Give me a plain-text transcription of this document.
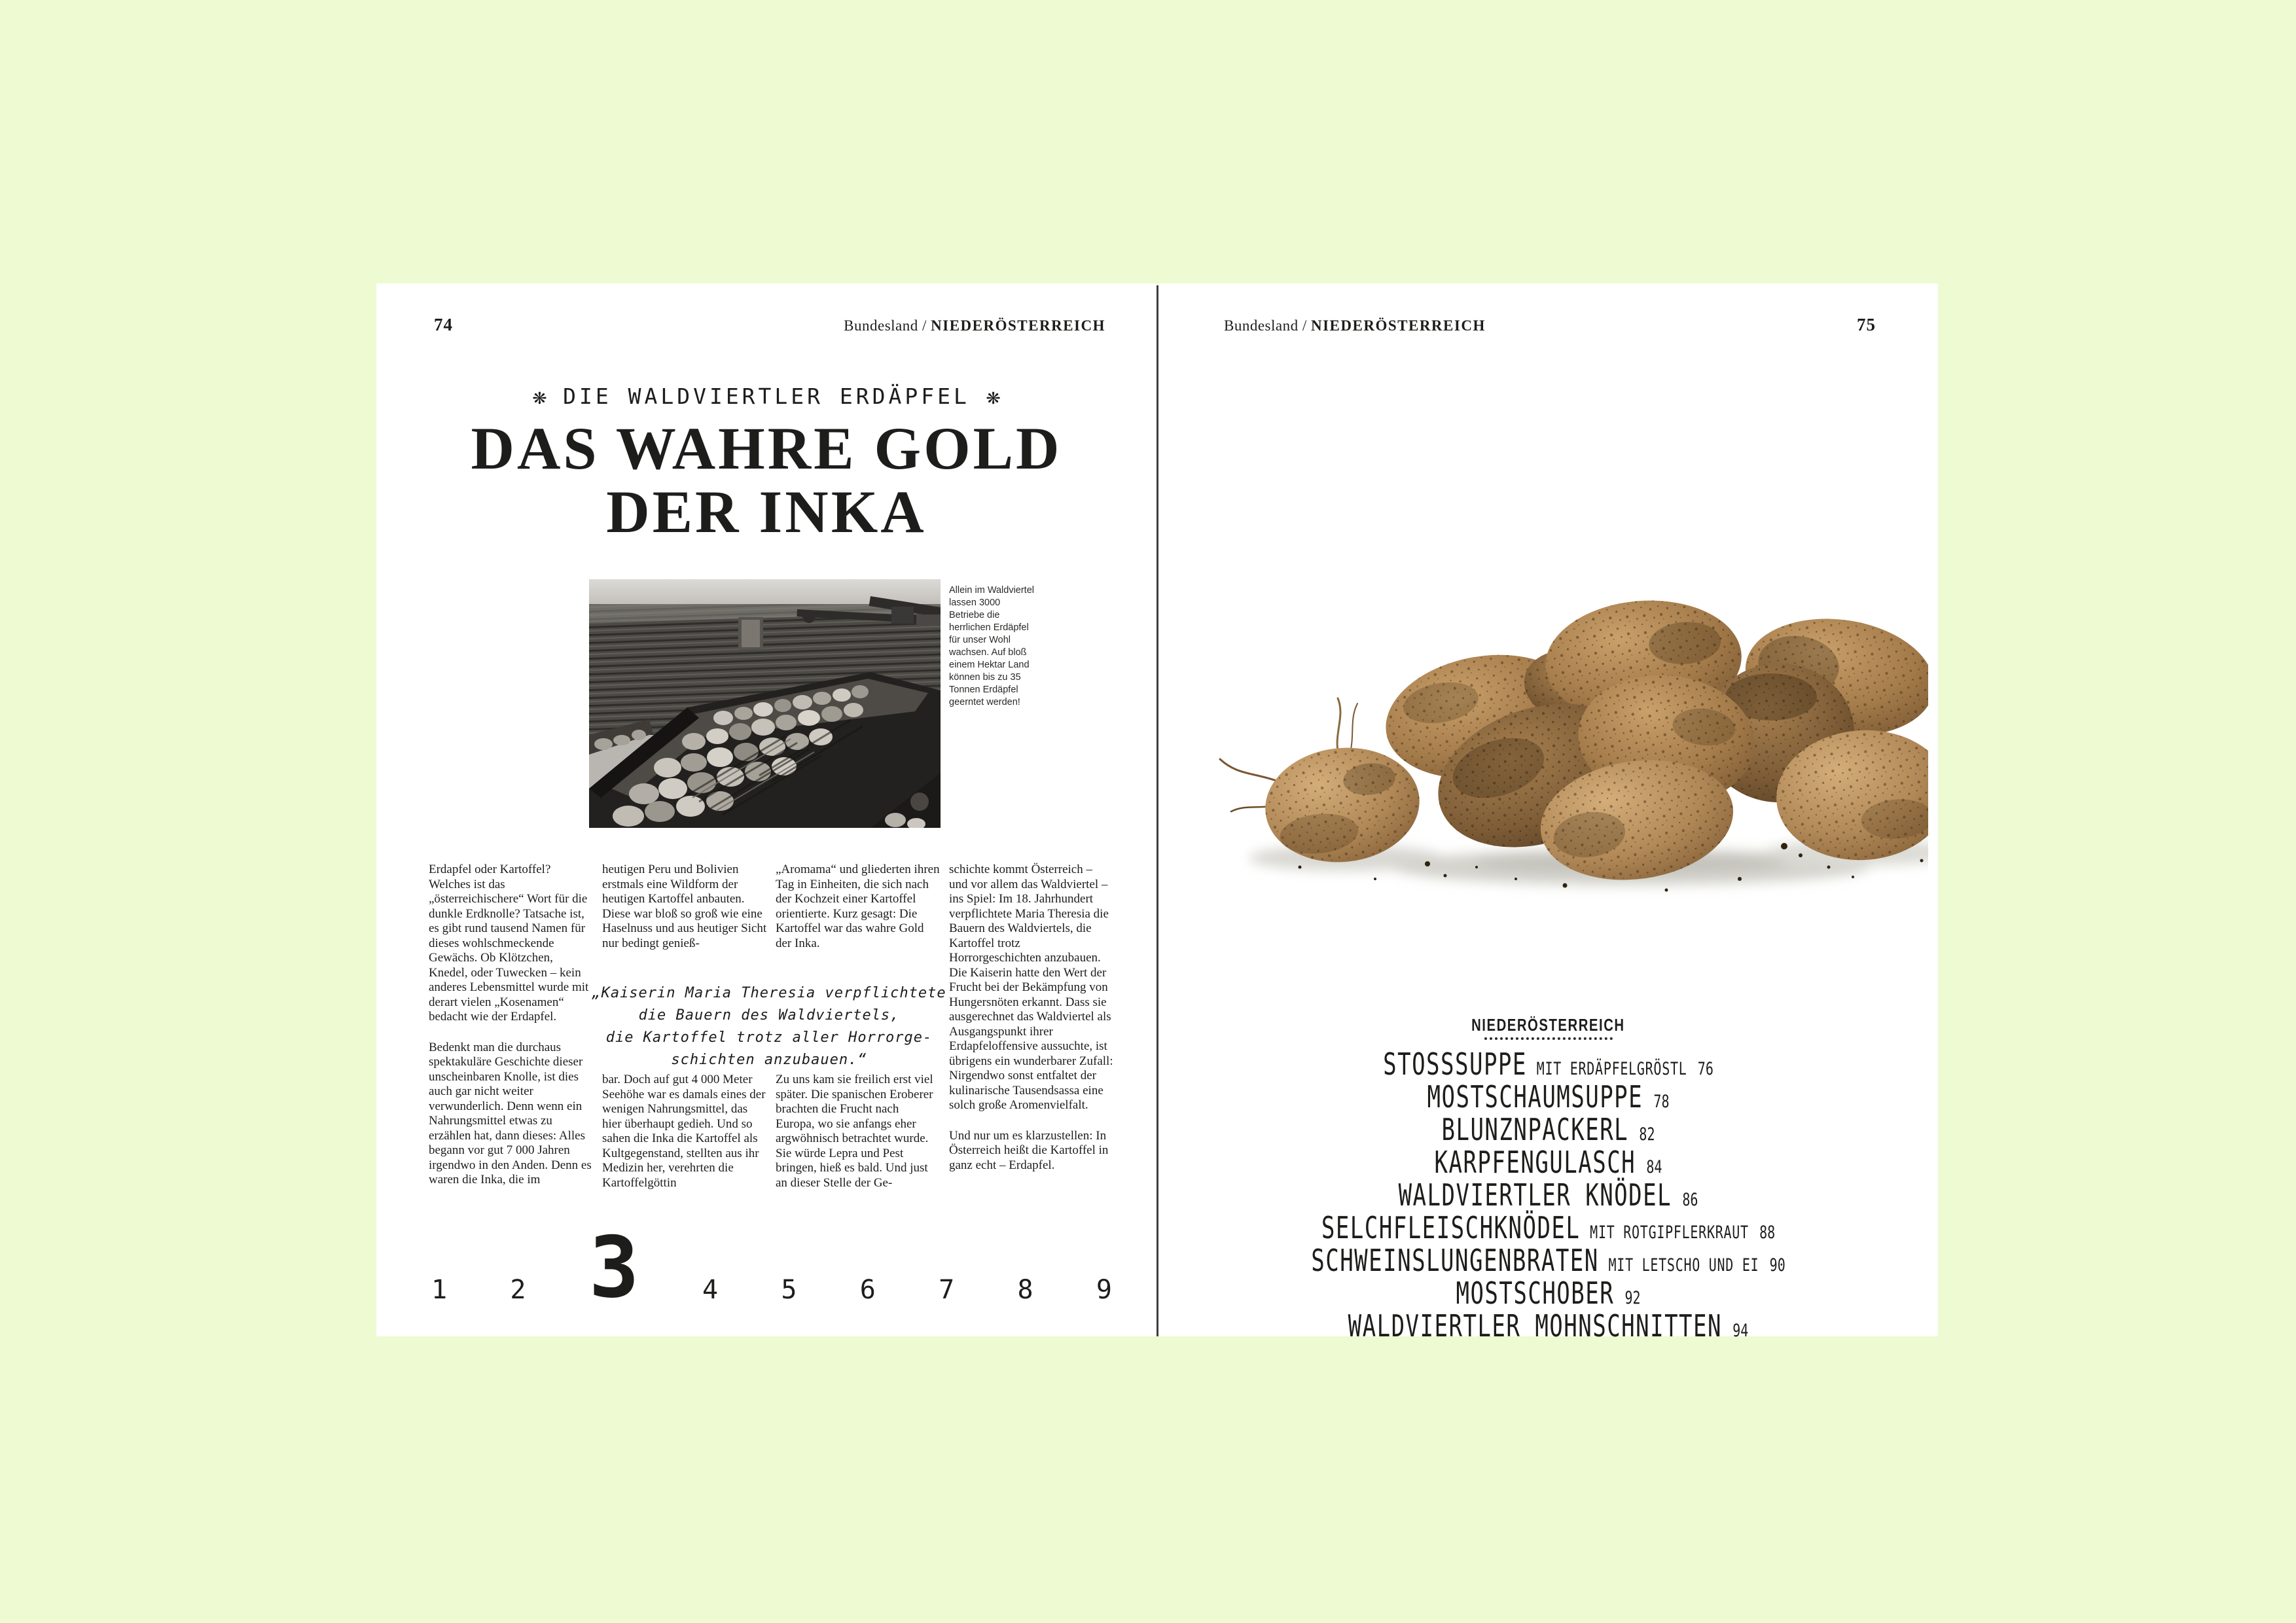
74	Bundesland / NIEDERÖSTERREICH
❋ DIE WALDVIERTLER ERDÄPFEL ❋
DAS WAHRE GOLD
DER INKA
Allein im Waldviertel lassen 3000 Betriebe die herrlichen Erdäpfel für unser Wohl wachsen. Auf bloß einem Hektar Land können bis zu 35 Tonnen Erdäpfel geerntet werden!

Erdapfel oder Kartoffel? Welches ist das „österreichischere“ Wort für die dunkle Erdknolle? Tatsache ist, es gibt rund tausend Namen für dieses wohlschmeckende Gewächs. Ob Klötzchen, Knedel, oder Tuwecken – kein anderes Lebensmittel wurde mit derart vielen „Kosenamen“ bedacht wie der Erdapfel.

Bedenkt man die durchaus spektakuläre Geschichte dieser unscheinbaren Knolle, ist dies auch gar nicht weiter verwunderlich. Denn wenn ein Nahrungsmittel etwas zu erzählen hat, dann dieses: Alles begann vor gut 7 000 Jahren irgendwo in den Anden. Denn es waren die Inka, die im

heutigen Peru und Bolivien erstmals eine Wildform der heutigen Kartoffel anbauten. Diese war bloß so groß wie eine Haselnuss und aus heutiger Sicht nur bedingt genieß-

„Aromama“ und gliederten ihren Tag in Einheiten, die sich nach der Kochzeit einer Kartoffel orientierte. Kurz gesagt: Die Kartoffel war das wahre Gold der Inka.

„Kaiserin Maria Theresia verpflichtete
die Bauern des Waldviertels,
die Kartoffel trotz aller Horrorge-
schichten anzubauen.“

bar. Doch auf gut 4 000 Meter Seehöhe war es damals eines der wenigen Nahrungsmittel, das hier überhaupt gedieh. Und so sahen die Inka die Kartoffel als Kultgegenstand, stellten aus ihr Medizin her, verehrten die Kartoffelgöttin

Zu uns kam sie freilich erst viel später. Die spanischen Eroberer brachten die Frucht nach Europa, wo sie anfangs eher argwöhnisch betrachtet wurde. Sie würde Lepra und Pest bringen, hieß es bald. Und just an dieser Stelle der Ge-

schichte kommt Österreich – und vor allem das Waldviertel – ins Spiel: Im 18. Jahrhundert verpflichtete Maria Theresia die Bauern des Waldviertels, die Kartoffel trotz Horrorgeschichten anzubauen. Die Kaiserin hatte den Wert der Frucht bei der Bekämpfung von Hungersnöten erkannt. Dass sie ausgerechnet das Waldviertel als Ausgangspunkt ihrer Erdapfeloffensive aussuchte, ist übrigens ein wunderbarer Zufall: Nirgendwo sonst entfaltet der kulinarische Tausendsassa eine solch große Aromenvielfalt.

Und nur um es klarzustellen: In Österreich heißt die Kartoffel in ganz echt – Erdapfel.

1 2 3 4 5 6 7 8 9
Bundesland / NIEDERÖSTERREICH	75
NIEDERÖSTERREICH
STOSSSUPPE MIT ERDÄPFELGRÖSTL 76
MOSTSCHAUMSUPPE 78
BLUNZNPACKERL 82
KARPFENGULASCH 84
WALDVIERTLER KNÖDEL 86
SELCHFLEISCHKNÖDEL MIT ROTGIPFLERKRAUT 88
SCHWEINSLUNGENBRATEN MIT LETSCHO UND EI 90
MOSTSCHOBER 92
WALDVIERTLER MOHNSCHNITTEN 94
